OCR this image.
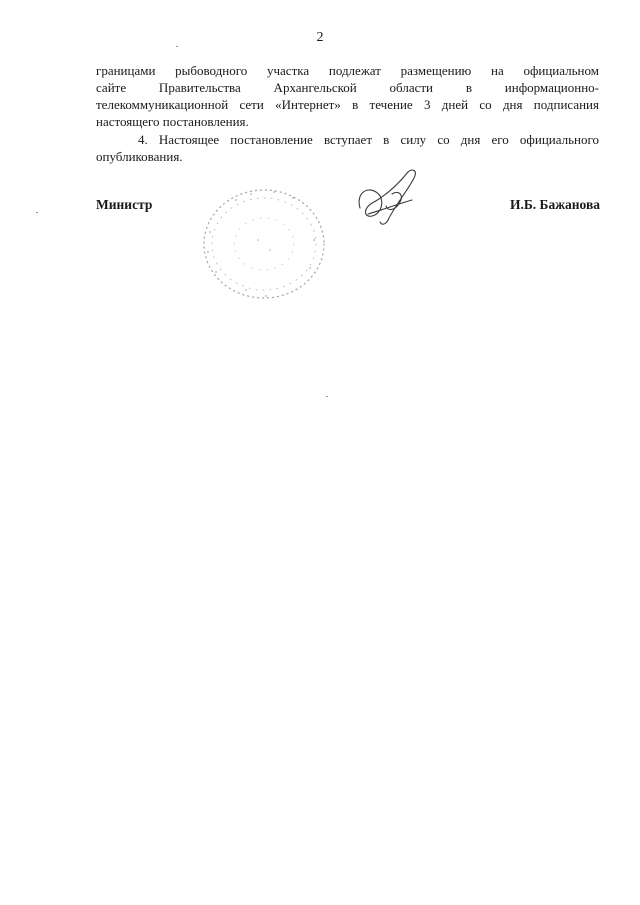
2
границами рыбоводного участка подлежат размещению на официальном
сайте Правительства Архангельской области в информационно-
телекоммуникационной сети «Интернет» в течение 3 дней со дня подписания
настоящего постановления.
4. Настоящее постановление вступает в силу со дня его официального
опубликования.
Министр	И.Б. Бажанова
